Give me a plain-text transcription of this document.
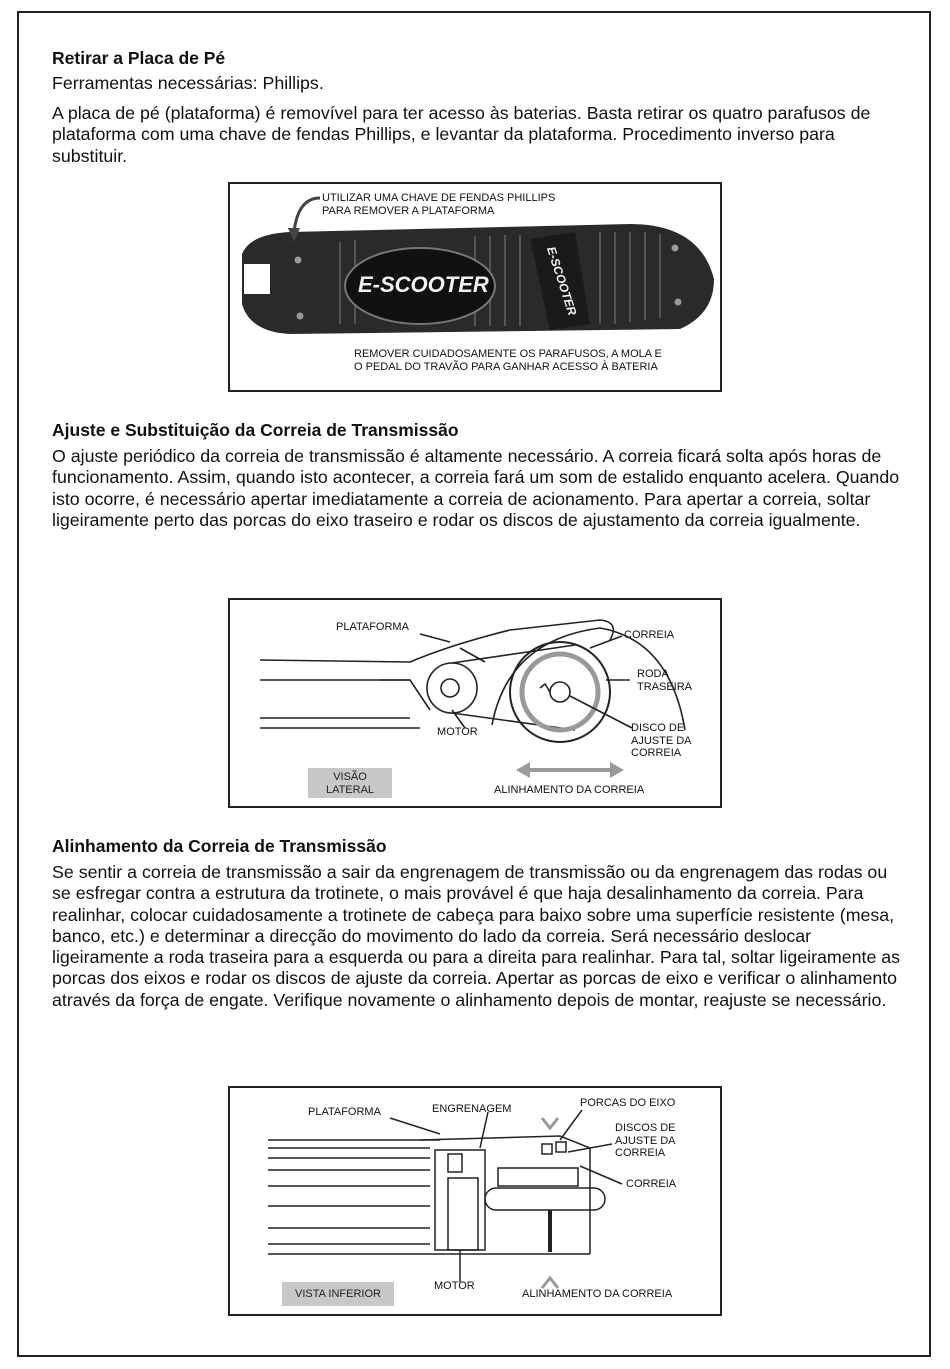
Retirar a Placa de Pé

Ferramentas necessárias: Phillips.

A placa de pé (plataforma) é removível para ter acesso às baterias. Basta retirar os quatro parafusos de plataforma com uma chave de fendas Phillips, e levantar da plataforma. Procedimento inverso para substituir.

UTILIZAR UMA CHAVE DE FENDAS PHILLIPS
PARA REMOVER A PLATAFORMA
E-SCOOTER	E-SCOOTER
REMOVER CUIDADOSAMENTE OS PARAFUSOS, A MOLA E
O PEDAL DO TRAVÃO PARA GANHAR ACESSO À BATERIA
Ajuste e Substituição da Correia de Transmissão

O ajuste periódico da correia de transmissão é altamente necessário. A correia ficará solta após horas de funcionamento. Assim, quando isto acontecer, a correia fará um som de estalido enquanto acelera. Quando isto ocorre, é necessário apertar imediatamente a correia de acionamento. Para apertar a correia, soltar ligeiramente perto das porcas do eixo traseiro e rodar os discos de ajustamento da correia igualmente.

PLATAFORMA
CORREIA
RODA
TRASEIRA
MOTOR	DISCO DE
AJUSTE DA
CORREIA
VISÃO
LATERAL	ALINHAMENTO DA CORREIA
Alinhamento da Correia de Transmissão

Se sentir a correia de transmissão a sair da engrenagem de transmissão ou da engrenagem das rodas ou se esfregar contra a estrutura da trotinete, o mais provável é que haja desalinhamento da correia. Para realinhar, colocar cuidadosamente a trotinete de cabeça para baixo sobre uma superfície resistente (mesa, banco, etc.) e determinar a direcção do movimento do lado da correia. Será necessário deslocar ligeiramente a roda traseira para a esquerda ou para a direita para realinhar. Para tal, soltar ligeiramente as porcas dos eixos e rodar os discos de ajuste da correia. Apertar as porcas de eixo e verificar o alinhamento através da força de engate. Verifique novamente o alinhamento depois de montar, reajuste se necessário.

PLATAFORMA	ENGRENAGEM	PORCAS DO EIXO
DISCOS DE
AJUSTE DA
CORREIA
CORREIA
MOTOR
VISTA INFERIOR	ALINHAMENTO DA CORREIA
